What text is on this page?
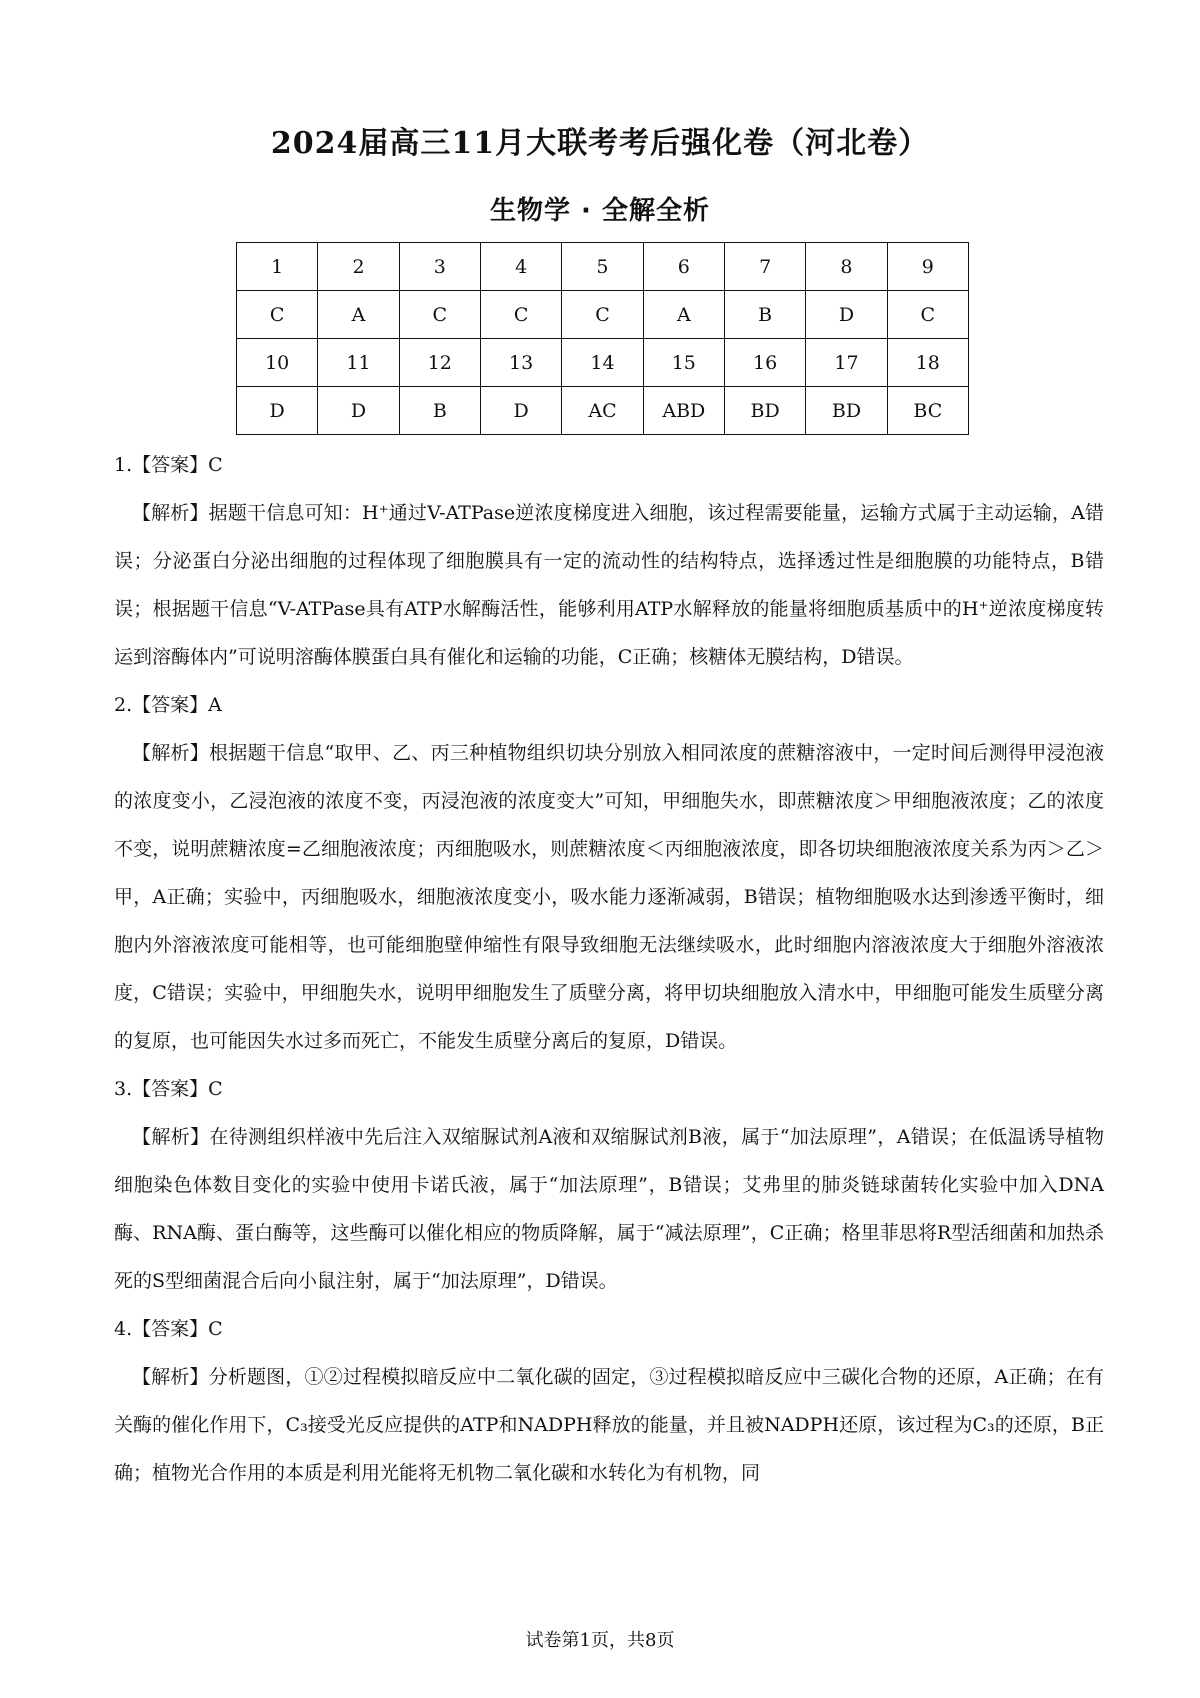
2024届高三11月大联考考后强化卷（河北卷）
生物学 · 全解全析
1	2	3	4	5	6	7	8	9
C	A	C	C	C	A	B	D	C
10	11	12	13	14	15	16	17	18
D	D	B	D	AC	ABD	BD	BD	BC

1.【答案】C

【解析】据题干信息可知：H⁺通过V-ATPase逆浓度梯度进入细胞，该过程需要能量，运输方式属于主动运输，A错误；分泌蛋白分泌出细胞的过程体现了细胞膜具有一定的流动性的结构特点，选择透过性是细胞膜的功能特点，B错误；根据题干信息“V-ATPase具有ATP水解酶活性，能够利用ATP水解释放的能量将细胞质基质中的H⁺逆浓度梯度转运到溶酶体内”可说明溶酶体膜蛋白具有催化和运输的功能，C正确；核糖体无膜结构，D错误。

2.【答案】A

【解析】根据题干信息“取甲、乙、丙三种植物组织切块分别放入相同浓度的蔗糖溶液中，一定时间后测得甲浸泡液的浓度变小，乙浸泡液的浓度不变，丙浸泡液的浓度变大”可知，甲细胞失水，即蔗糖浓度＞甲细胞液浓度；乙的浓度不变，说明蔗糖浓度=乙细胞液浓度；丙细胞吸水，则蔗糖浓度＜丙细胞液浓度，即各切块细胞液浓度关系为丙＞乙＞甲，A正确；实验中，丙细胞吸水，细胞液浓度变小，吸水能力逐渐减弱，B错误；植物细胞吸水达到渗透平衡时，细胞内外溶液浓度可能相等，也可能细胞壁伸缩性有限导致细胞无法继续吸水，此时细胞内溶液浓度大于细胞外溶液浓度，C错误；实验中，甲细胞失水，说明甲细胞发生了质壁分离，将甲切块细胞放入清水中，甲细胞可能发生质壁分离的复原，也可能因失水过多而死亡，不能发生质壁分离后的复原，D错误。

3.【答案】C

【解析】在待测组织样液中先后注入双缩脲试剂A液和双缩脲试剂B液，属于“加法原理”，A错误；在低温诱导植物细胞染色体数目变化的实验中使用卡诺氏液，属于“加法原理”，B错误；艾弗里的肺炎链球菌转化实验中加入DNA酶、RNA酶、蛋白酶等，这些酶可以催化相应的物质降解，属于“减法原理”，C正确；格里菲思将R型活细菌和加热杀死的S型细菌混合后向小鼠注射，属于“加法原理”，D错误。

4.【答案】C

【解析】分析题图，①②过程模拟暗反应中二氧化碳的固定，③过程模拟暗反应中三碳化合物的还原，A正确；在有关酶的催化作用下，C₃接受光反应提供的ATP和NADPH释放的能量，并且被NADPH还原，该过程为C₃的还原，B正确；植物光合作用的本质是利用光能将无机物二氧化碳和水转化为有机物，同

试卷第1页，共8页
